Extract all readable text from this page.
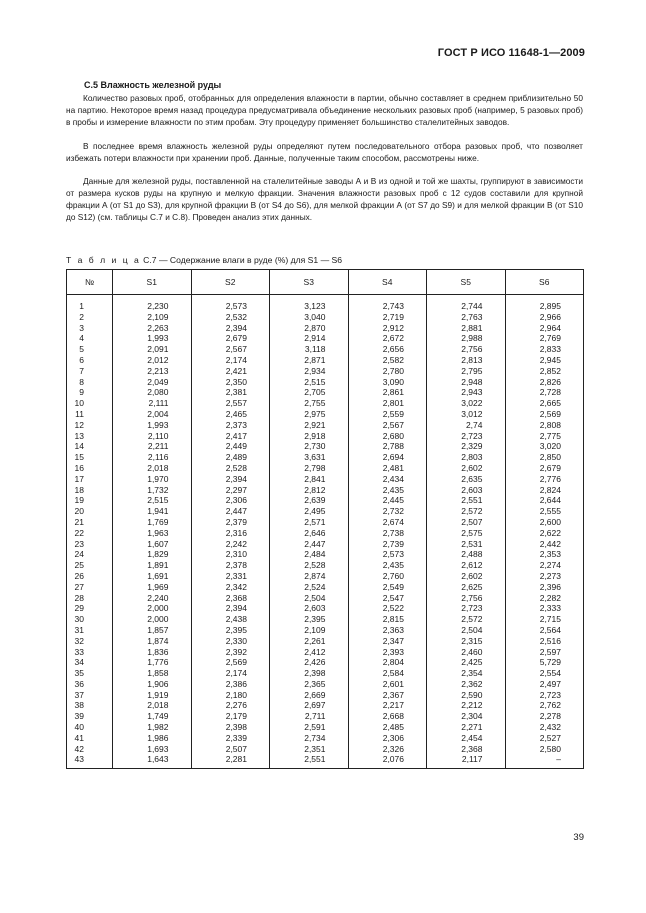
ГОСТ Р ИСО 11648-1—2009
С.5 Влажность железной руды
Количество разовых проб, отобранных для определения влажности в партии, обычно составляет в среднем приблизительно 50 на партию. Некоторое время назад процедура предусматривала объединение нескольких разовых проб (например, 5 разовых проб) в пробы и измерение влажности по этим пробам. Эту процедуру применяет большинство сталелитейных заводов.
В последнее время влажность железной руды определяют путем последовательного отбора разовых проб, что позволяет избежать потери влажности при хранении проб. Данные, полученные таким способом, рассмотрены ниже.
Данные для железной руды, поставленной на сталелитейные заводы А и В из одной и той же шахты, группируют в зависимости от размера кусков руды на крупную и мелкую фракции. Значения влажности разовых проб с 12 судов составили для крупной фракции А (от S1 до S3), для крупной фракции В (от S4 до S6), для мелкой фракции А (от S7 до S9) и для мелкой фракции В (от S10 до S12) (см. таблицы С.7 и С.8). Проведен анализ этих данных.
Т а б л и ц а С.7 — Содержание влаги в руде (%) для S1 — S6
№	S1	S2	S3	S4	S5	S6
1	2,230	2,573	3,123	2,743	2,744	2,895
2	2,109	2,532	3,040	2,719	2,763	2,966
3	2,263	2,394	2,870	2,912	2,881	2,964
4	1,993	2,679	2,914	2,672	2,988	2,769
5	2,091	2,567	3,118	2,656	2,756	2,833
6	2,012	2,174	2,871	2,582	2,813	2,945
7	2,213	2,421	2,934	2,780	2,795	2,852
8	2,049	2,350	2,515	3,090	2,948	2,826
9	2,080	2,381	2,705	2,861	2,943	2,728
10	2,111	2,557	2,755	2,801	3,022	2,665
11	2,004	2,465	2,975	2,559	3,012	2,569
12	1,993	2,373	2,921	2,567	2,74	2,808
13	2,110	2,417	2,918	2,680	2,723	2,775
14	2,211	2,449	2,730	2,788	2,329	3,020
15	2,116	2,489	3,631	2,694	2,803	2,850
16	2,018	2,528	2,798	2,481	2,602	2,679
17	1,970	2,394	2,841	2,434	2,635	2,776
18	1,732	2,297	2,812	2,435	2,603	2,824
19	2,515	2,306	2,639	2,445	2,551	2,644
20	1,941	2,447	2,495	2,732	2,572	2,555
21	1,769	2,379	2,571	2,674	2,507	2,600
22	1,963	2,316	2,646	2,738	2,575	2,622
23	1,607	2,242	2,447	2,739	2,531	2,442
24	1,829	2,310	2,484	2,573	2,488	2,353
25	1,891	2,378	2,528	2,435	2,612	2,274
26	1,691	2,331	2,874	2,760	2,602	2,273
27	1,969	2,342	2,524	2,549	2,625	2,396
28	2,240	2,368	2,504	2,547	2,756	2,282
29	2,000	2,394	2,603	2,522	2,723	2,333
30	2,000	2,438	2,395	2,815	2,572	2,715
31	1,857	2,395	2,109	2,363	2,504	2,564
32	1,874	2,330	2,261	2,347	2,315	2,516
33	1,836	2,392	2,412	2,393	2,460	2,597
34	1,776	2,569	2,426	2,804	2,425	5,729
35	1,858	2,174	2,398	2,584	2,354	2,554
36	1,906	2,386	2,365	2,601	2,362	2,497
37	1,919	2,180	2,669	2,367	2,590	2,723
38	2,018	2,276	2,697	2,217	2,212	2,762
39	1,749	2,179	2,711	2,668	2,304	2,278
40	1,982	2,398	2,591	2,485	2,271	2,432
41	1,986	2,339	2,734	2,306	2,454	2,527
42	1,693	2,507	2,351	2,326	2,368	2,580
43	1,643	2,281	2,551	2,076	2,117	–
39
